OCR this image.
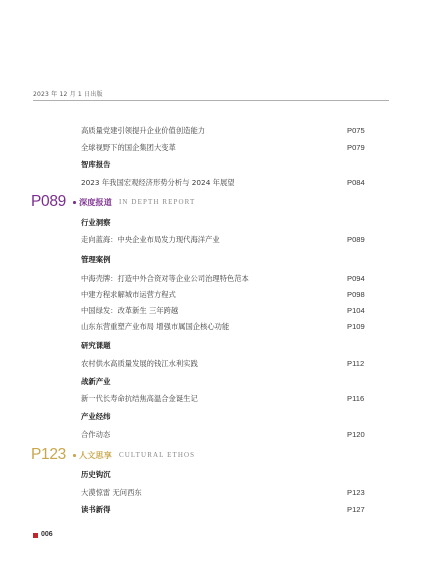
2023 年 12 月 1 日出版
高质量党建引领提升企业价值创造能力	P075
全球视野下的国企集团大变革	P079
智库报告
2023 年我国宏观经济形势分析与 2024 年展望	P084
P089 深度报道 IN DEPTH REPORT
行业洞察
走向蓝海：中央企业布局发力现代海洋产业	P089
管理案例
中海壳牌：打造中外合资对等企业公司治理特色范本	P094
中建方程求解城市运营方程式	P098
中国绿发：改革新生 三年跨越	P104
山东东营重塑产业布局 增强市属国企核心功能	P109
研究课题
农村供水高质量发展的钱江水利实践	P112
战新产业
新一代长寿命抗结焦高温合金诞生记	P116
产业经纬
合作动态	P120
P123 人文思享 CULTURAL ETHOS
历史钩沉
大漠惊雷 无问西东	P123
读书新得	P127
006
